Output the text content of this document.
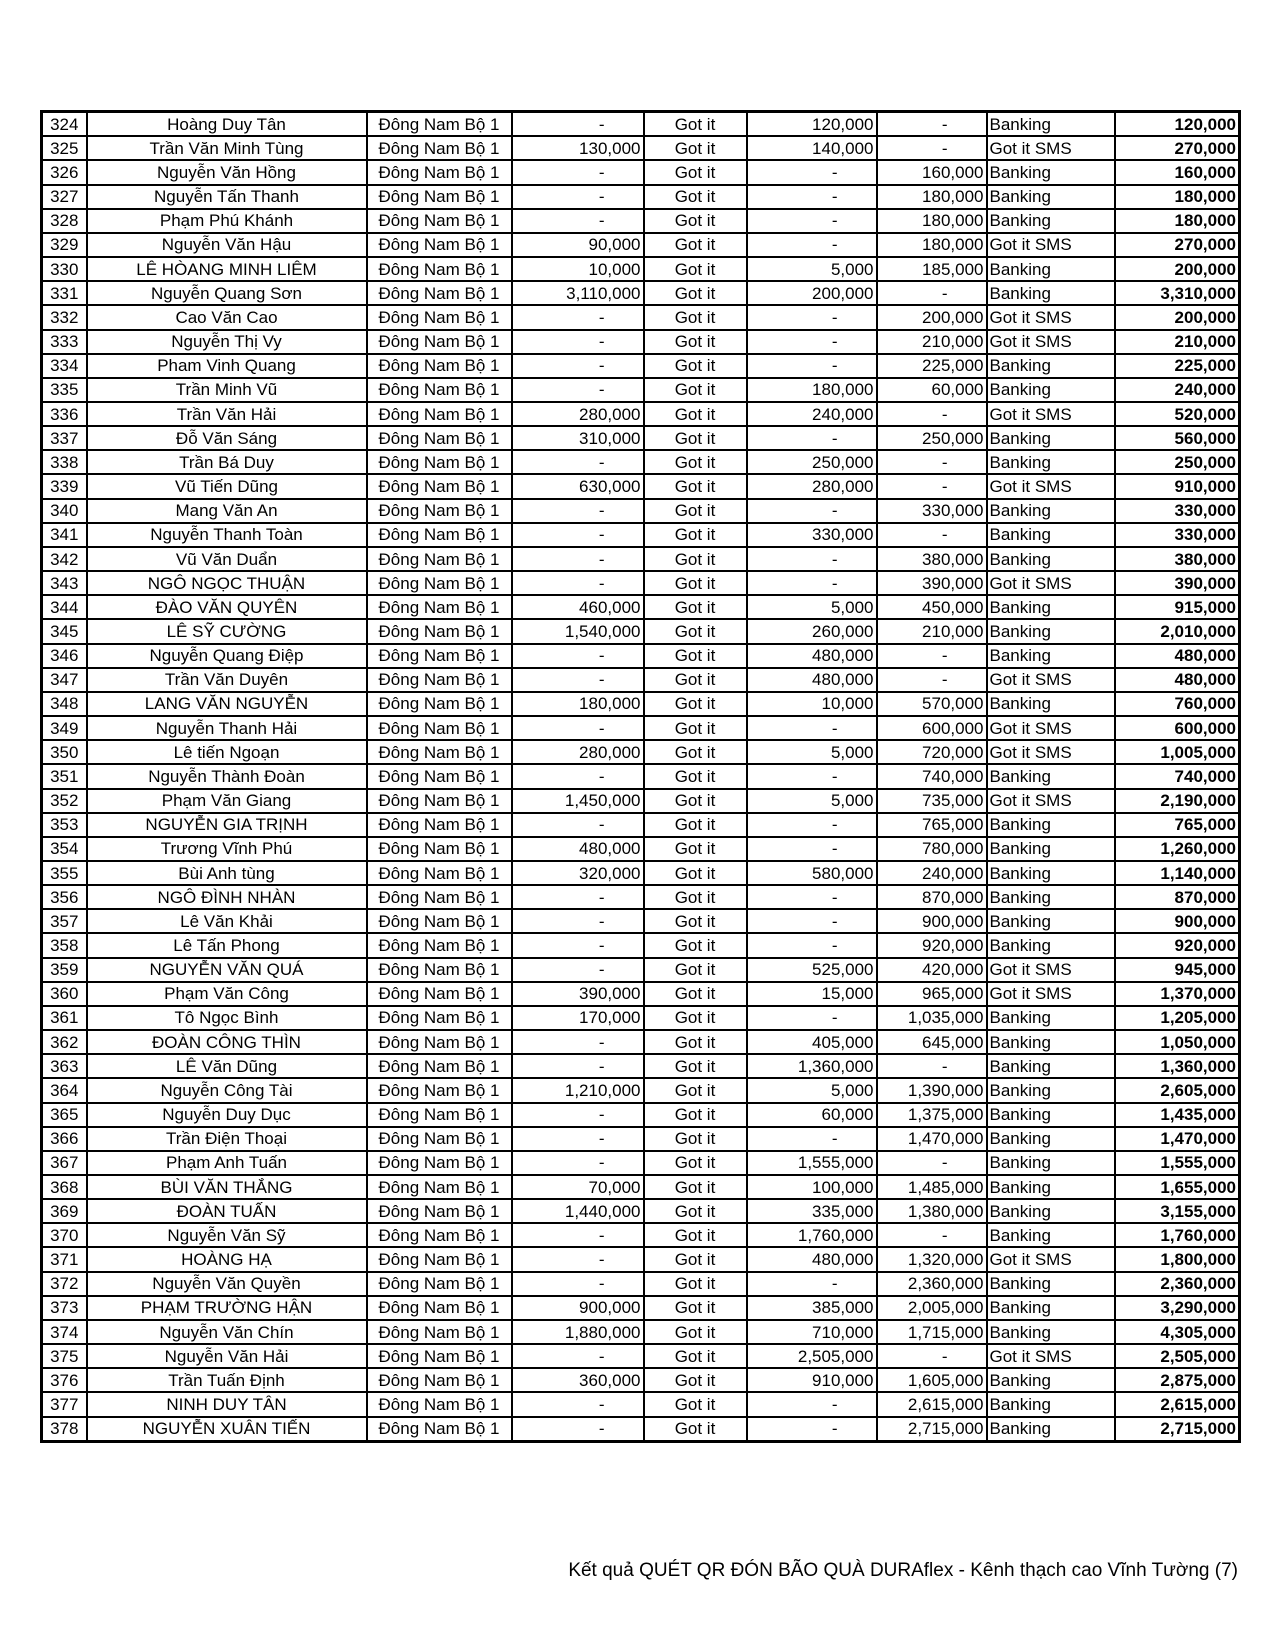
324	Hoàng Duy Tân	Đông Nam Bộ 1	-	Got it	120,000	-	Banking	120,000
325	Trần Văn Minh Tùng	Đông Nam Bộ 1	130,000	Got it	140,000	-	Got it SMS	270,000
326	Nguyễn Văn Hồng	Đông Nam Bộ 1	-	Got it	-	160,000	Banking	160,000
327	Nguyễn Tấn Thanh	Đông Nam Bộ 1	-	Got it	-	180,000	Banking	180,000
328	Phạm Phú Khánh	Đông Nam Bộ 1	-	Got it	-	180,000	Banking	180,000
329	Nguyễn Văn Hậu	Đông Nam Bộ 1	90,000	Got it	-	180,000	Got it SMS	270,000
330	LÊ HÒANG MINH LIÊM	Đông Nam Bộ 1	10,000	Got it	5,000	185,000	Banking	200,000
331	Nguyễn Quang Sơn	Đông Nam Bộ 1	3,110,000	Got it	200,000	-	Banking	3,310,000
332	Cao Văn Cao	Đông Nam Bộ 1	-	Got it	-	200,000	Got it SMS	200,000
333	Nguyễn Thị Vy	Đông Nam Bộ 1	-	Got it	-	210,000	Got it SMS	210,000
334	Pham Vinh Quang	Đông Nam Bộ 1	-	Got it	-	225,000	Banking	225,000
335	Trần Minh Vũ	Đông Nam Bộ 1	-	Got it	180,000	60,000	Banking	240,000
336	Trần Văn Hải	Đông Nam Bộ 1	280,000	Got it	240,000	-	Got it SMS	520,000
337	Đỗ Văn Sáng	Đông Nam Bộ 1	310,000	Got it	-	250,000	Banking	560,000
338	Trần Bá Duy	Đông Nam Bộ 1	-	Got it	250,000	-	Banking	250,000
339	Vũ Tiến Dũng	Đông Nam Bộ 1	630,000	Got it	280,000	-	Got it SMS	910,000
340	Mang Văn An	Đông Nam Bộ 1	-	Got it	-	330,000	Banking	330,000
341	Nguyễn Thanh Toàn	Đông Nam Bộ 1	-	Got it	330,000	-	Banking	330,000
342	Vũ Văn Duẩn	Đông Nam Bộ 1	-	Got it	-	380,000	Banking	380,000
343	NGÔ NGỌC THUẬN	Đông Nam Bộ 1	-	Got it	-	390,000	Got it SMS	390,000
344	ĐÀO VĂN QUYÊN	Đông Nam Bộ 1	460,000	Got it	5,000	450,000	Banking	915,000
345	LÊ SỸ CƯỜNG	Đông Nam Bộ 1	1,540,000	Got it	260,000	210,000	Banking	2,010,000
346	Nguyễn Quang Điệp	Đông Nam Bộ 1	-	Got it	480,000	-	Banking	480,000
347	Trần Văn Duyên	Đông Nam Bộ 1	-	Got it	480,000	-	Got it SMS	480,000
348	LANG VĂN NGUYỄN	Đông Nam Bộ 1	180,000	Got it	10,000	570,000	Banking	760,000
349	Nguyễn Thanh Hải	Đông Nam Bộ 1	-	Got it	-	600,000	Got it SMS	600,000
350	Lê tiến Ngoạn	Đông Nam Bộ 1	280,000	Got it	5,000	720,000	Got it SMS	1,005,000
351	Nguyễn Thành Đoàn	Đông Nam Bộ 1	-	Got it	-	740,000	Banking	740,000
352	Phạm Văn Giang	Đông Nam Bộ 1	1,450,000	Got it	5,000	735,000	Got it SMS	2,190,000
353	NGUYỄN GIA TRỊNH	Đông Nam Bộ 1	-	Got it	-	765,000	Banking	765,000
354	Trương Vĩnh Phú	Đông Nam Bộ 1	480,000	Got it	-	780,000	Banking	1,260,000
355	Bùi Anh tùng	Đông Nam Bộ 1	320,000	Got it	580,000	240,000	Banking	1,140,000
356	NGÔ ĐÌNH NHÀN	Đông Nam Bộ 1	-	Got it	-	870,000	Banking	870,000
357	Lê Văn Khải	Đông Nam Bộ 1	-	Got it	-	900,000	Banking	900,000
358	Lê Tấn Phong	Đông Nam Bộ 1	-	Got it	-	920,000	Banking	920,000
359	NGUYỄN VĂN QUÁ	Đông Nam Bộ 1	-	Got it	525,000	420,000	Got it SMS	945,000
360	Phạm Văn Công	Đông Nam Bộ 1	390,000	Got it	15,000	965,000	Got it SMS	1,370,000
361	Tô Ngọc Bình	Đông Nam Bộ 1	170,000	Got it	-	1,035,000	Banking	1,205,000
362	ĐOÀN CÔNG THÌN	Đông Nam Bộ 1	-	Got it	405,000	645,000	Banking	1,050,000
363	LÊ Văn Dũng	Đông Nam Bộ 1	-	Got it	1,360,000	-	Banking	1,360,000
364	Nguyễn Công Tài	Đông Nam Bộ 1	1,210,000	Got it	5,000	1,390,000	Banking	2,605,000
365	Nguyễn Duy Dục	Đông Nam Bộ 1	-	Got it	60,000	1,375,000	Banking	1,435,000
366	Trần Điện Thoại	Đông Nam Bộ 1	-	Got it	-	1,470,000	Banking	1,470,000
367	Phạm Anh Tuấn	Đông Nam Bộ 1	-	Got it	1,555,000	-	Banking	1,555,000
368	BÙI VĂN THẮNG	Đông Nam Bộ 1	70,000	Got it	100,000	1,485,000	Banking	1,655,000
369	ĐOÀN TUẤN	Đông Nam Bộ 1	1,440,000	Got it	335,000	1,380,000	Banking	3,155,000
370	Nguyễn Văn Sỹ	Đông Nam Bộ 1	-	Got it	1,760,000	-	Banking	1,760,000
371	HOÀNG HẠ	Đông Nam Bộ 1	-	Got it	480,000	1,320,000	Got it SMS	1,800,000
372	Nguyễn Văn Quyền	Đông Nam Bộ 1	-	Got it	-	2,360,000	Banking	2,360,000
373	PHẠM TRƯỜNG HẬN	Đông Nam Bộ 1	900,000	Got it	385,000	2,005,000	Banking	3,290,000
374	Nguyễn Văn Chín	Đông Nam Bộ 1	1,880,000	Got it	710,000	1,715,000	Banking	4,305,000
375	Nguyễn Văn Hải	Đông Nam Bộ 1	-	Got it	2,505,000	-	Got it SMS	2,505,000
376	Trần Tuấn Định	Đông Nam Bộ 1	360,000	Got it	910,000	1,605,000	Banking	2,875,000
377	NINH DUY TÂN	Đông Nam Bộ 1	-	Got it	-	2,615,000	Banking	2,615,000
378	NGUYỄN XUÂN TIẾN	Đông Nam Bộ 1	-	Got it	-	2,715,000	Banking	2,715,000
Kết quả QUÉT QR ĐÓN BÃO QUÀ DURAflex - Kênh thạch cao Vĩnh Tường (7)
